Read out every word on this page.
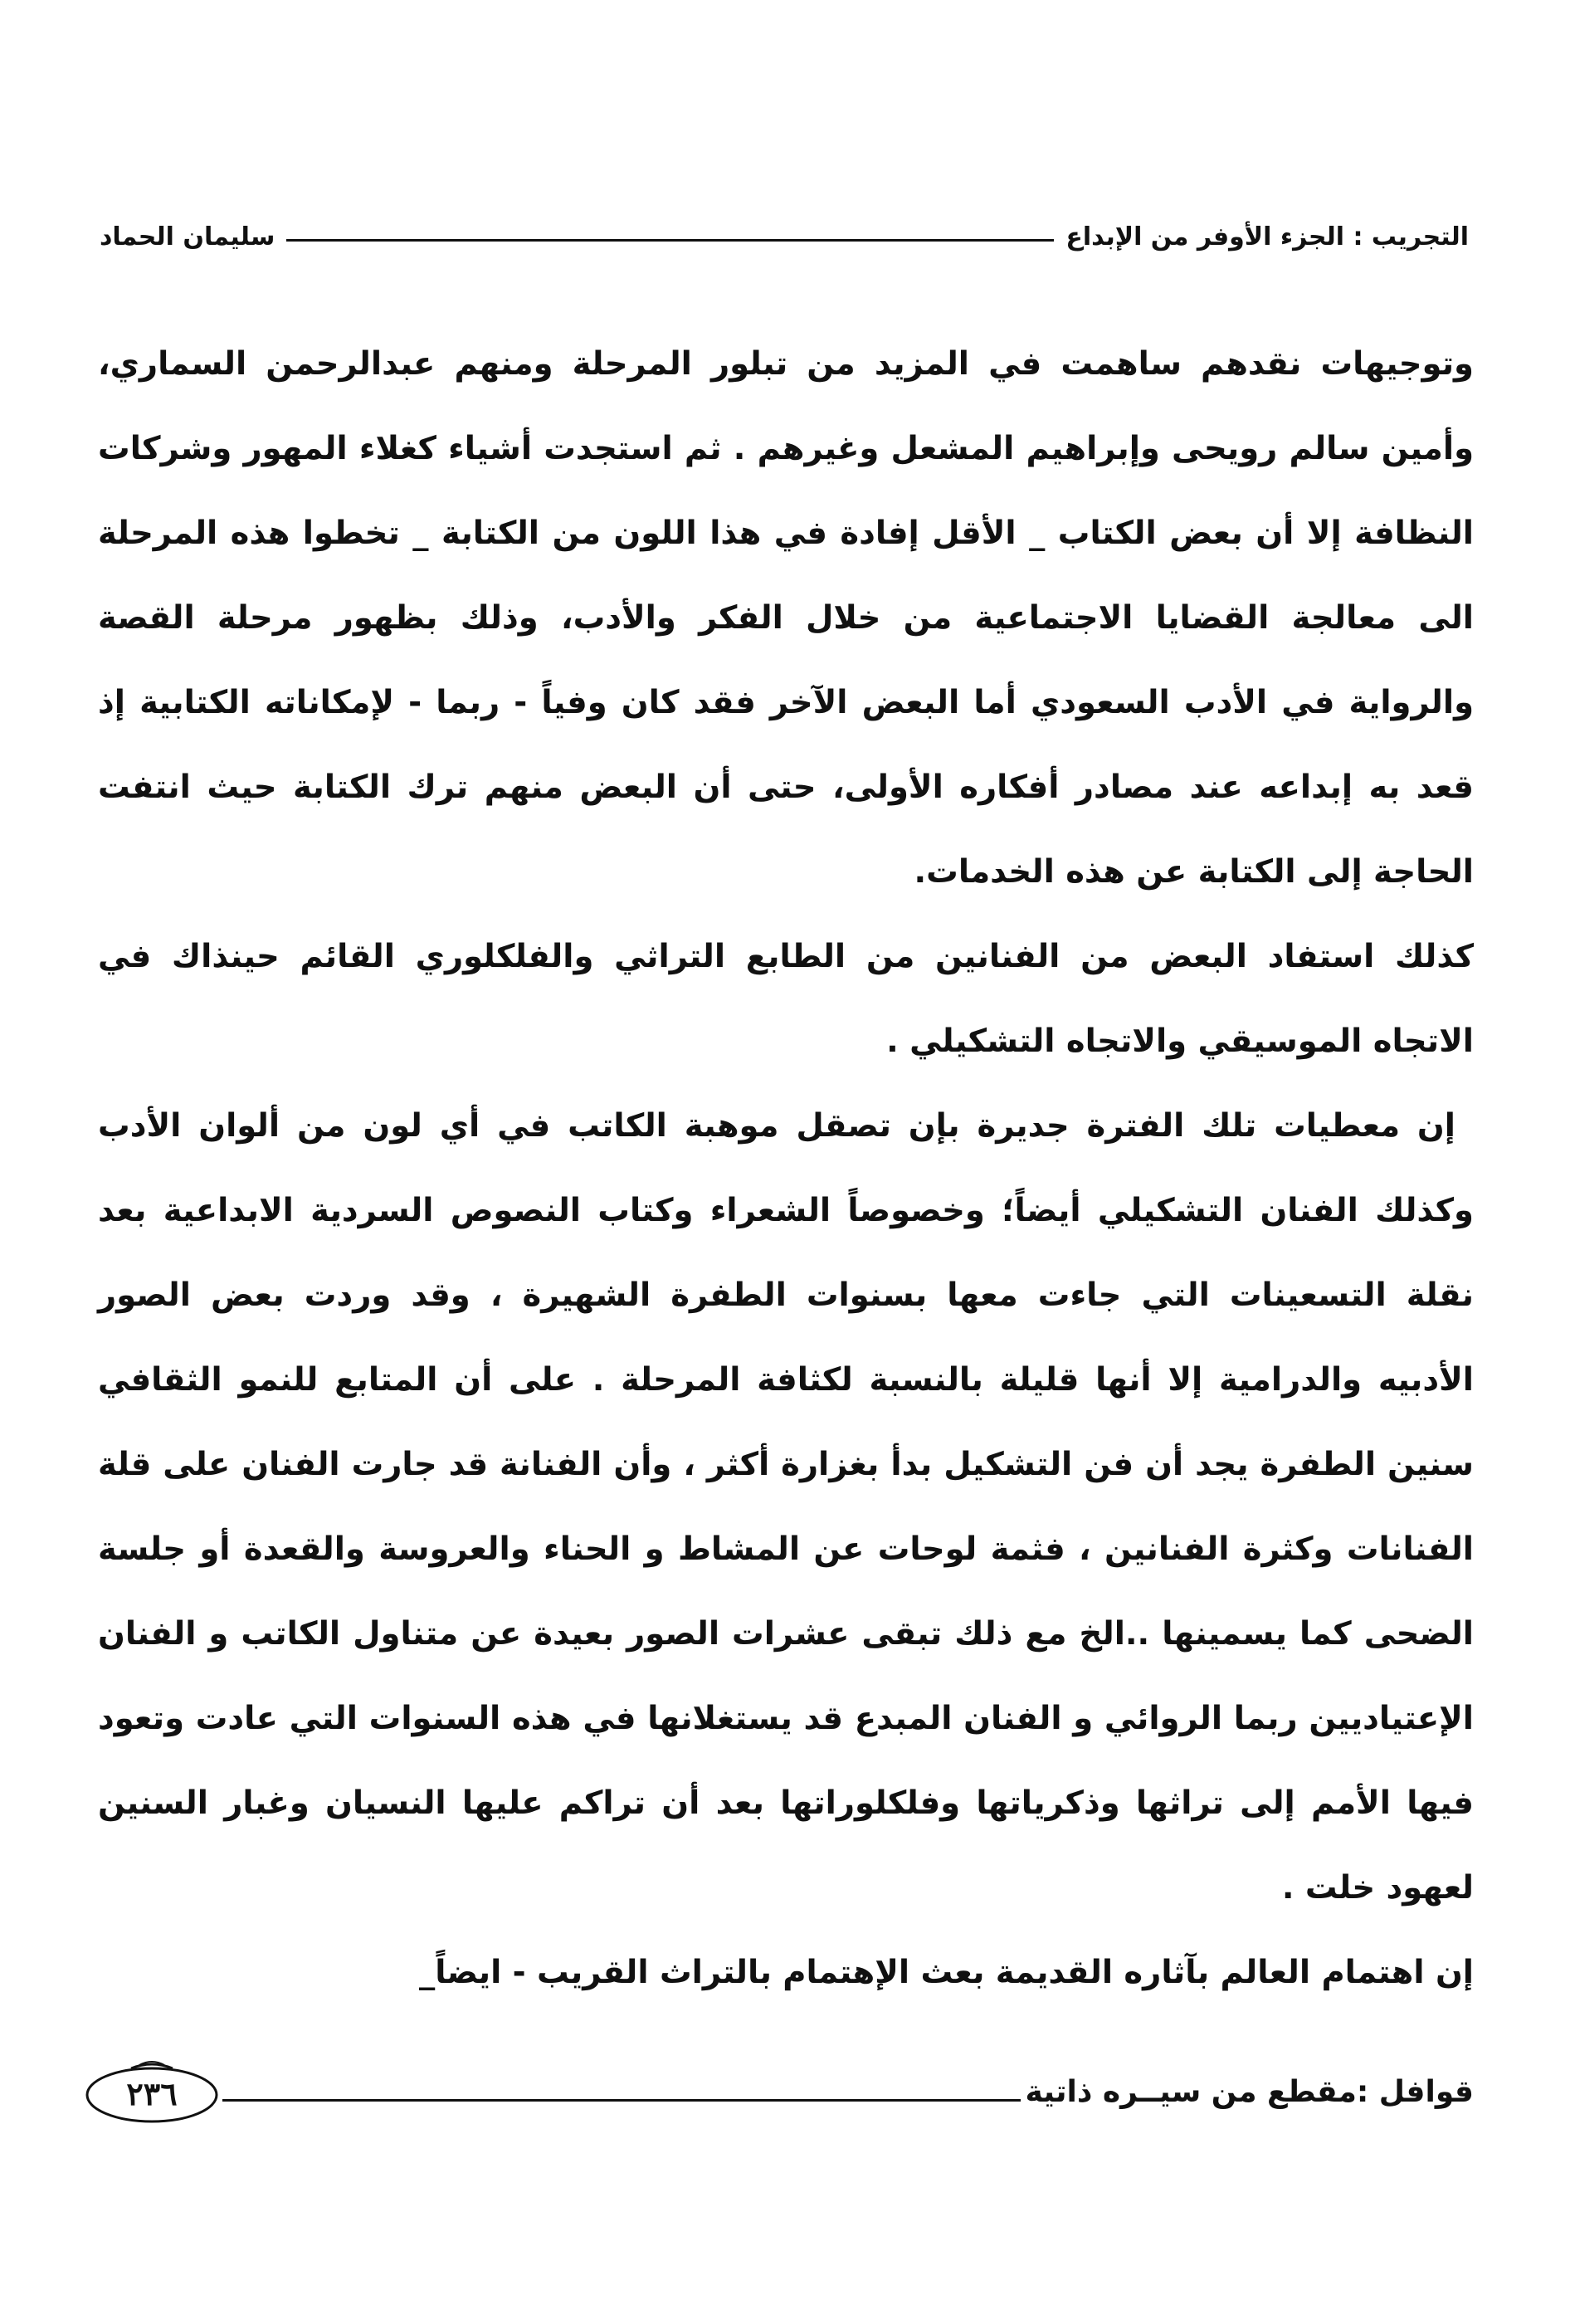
التجريب : الجزء الأوفر من الإبداع
سليمان الحماد

وتوجيهات نقدهم ساهمت في المزيد من تبلور المرحلة ومنهم عبدالرحمن السماري، وأمين سالم رويحى وإبراهيم المشعل وغيرهم . ثم استجدت أشياء كغلاء المهور وشركات النظافة إلا أن بعض الكتاب _ الأقل إفادة في هذا اللون من الكتابة _ تخطوا هذه المرحلة الى معالجة القضايا الاجتماعية من خلال الفكر والأدب، وذلك بظهور مرحلة القصة والرواية في الأدب السعودي أما البعض الآخر فقد كان وفياً - ربما - لإمكاناته الكتابية إذ قعد به إبداعه عند مصادر أفكاره الأولى، حتى أن البعض منهم ترك الكتابة حيث انتفت الحاجة إلى الكتابة عن هذه الخدمات.

كذلك استفاد البعض من الفنانين من الطابع التراثي والفلكلوري القائم حينذاك في الاتجاه الموسيقي والاتجاه التشكيلي .

إن معطيات تلك الفترة جديرة بإن تصقل موهبة الكاتب في أي لون من ألوان الأدب وكذلك الفنان التشكيلي أيضاً؛ وخصوصاً الشعراء وكتاب النصوص السردية الابداعية بعد نقلة التسعينات التي جاءت معها بسنوات الطفرة الشهيرة ، وقد وردت بعض الصور الأدبيه والدرامية إلا أنها قليلة بالنسبة لكثافة المرحلة . على أن المتابع للنمو الثقافي سنين الطفرة يجد أن فن التشكيل بدأ بغزارة أكثر ، وأن الفنانة قد جارت الفنان على قلة الفنانات وكثرة الفنانين ، فثمة لوحات عن المشاط و الحناء والعروسة والقعدة أو جلسة الضحى كما يسمينها ..الخ مع ذلك تبقى عشرات الصور بعيدة عن متناول الكاتب و الفنان الإعتياديين ربما الروائي و الفنان المبدع قد يستغلانها في هذه السنوات التي عادت وتعود فيها الأمم إلى تراثها وذكرياتها وفلكلوراتها بعد أن تراكم عليها النسيان وغبار السنين لعهود خلت .

إن اهتمام العالم بآثاره القديمة بعث الإهتمام بالتراث القريب - ايضاً_

قوافل :مقطع من سيــره ذاتية
٢٣٦
